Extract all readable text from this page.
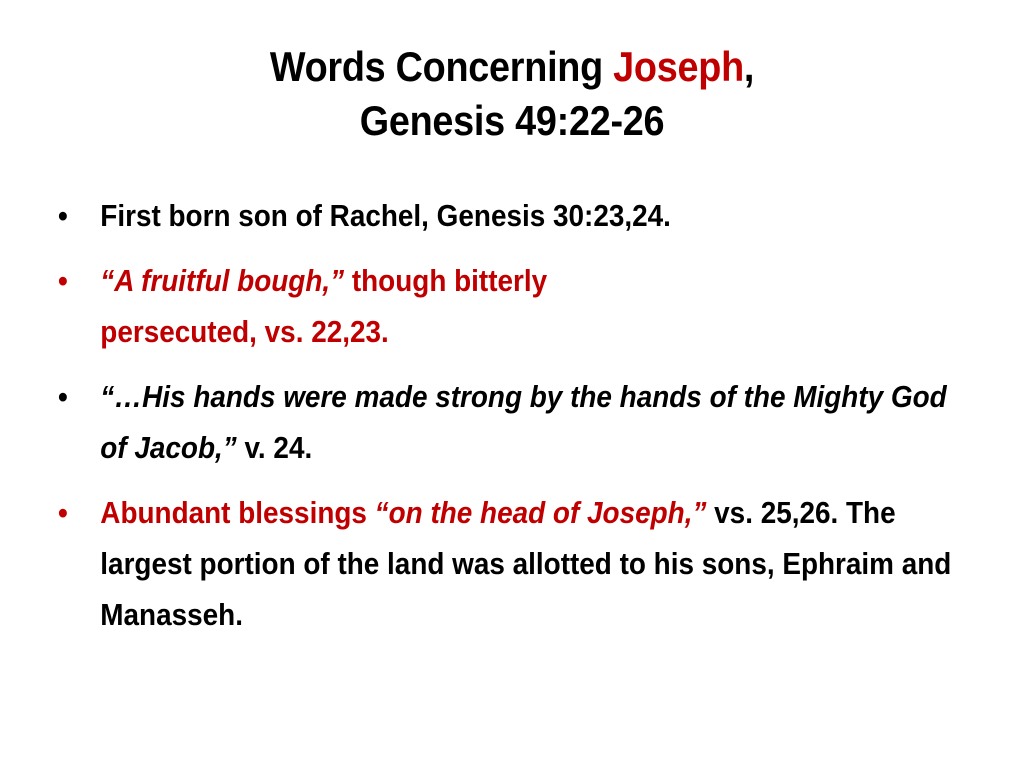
Words Concerning Joseph,
Genesis 49:22-26
•	First born son of Rachel, Genesis 30:23,24.
•	“A fruitful bough,” though bitterly
persecuted, vs. 22,23.
•	“…His hands were made strong by the hands of the Mighty God of Jacob,” v. 24.
•	Abundant blessings “on the head of Joseph,” vs. 25,26. The largest portion of the land was allotted to his sons, Ephraim and Manasseh.
